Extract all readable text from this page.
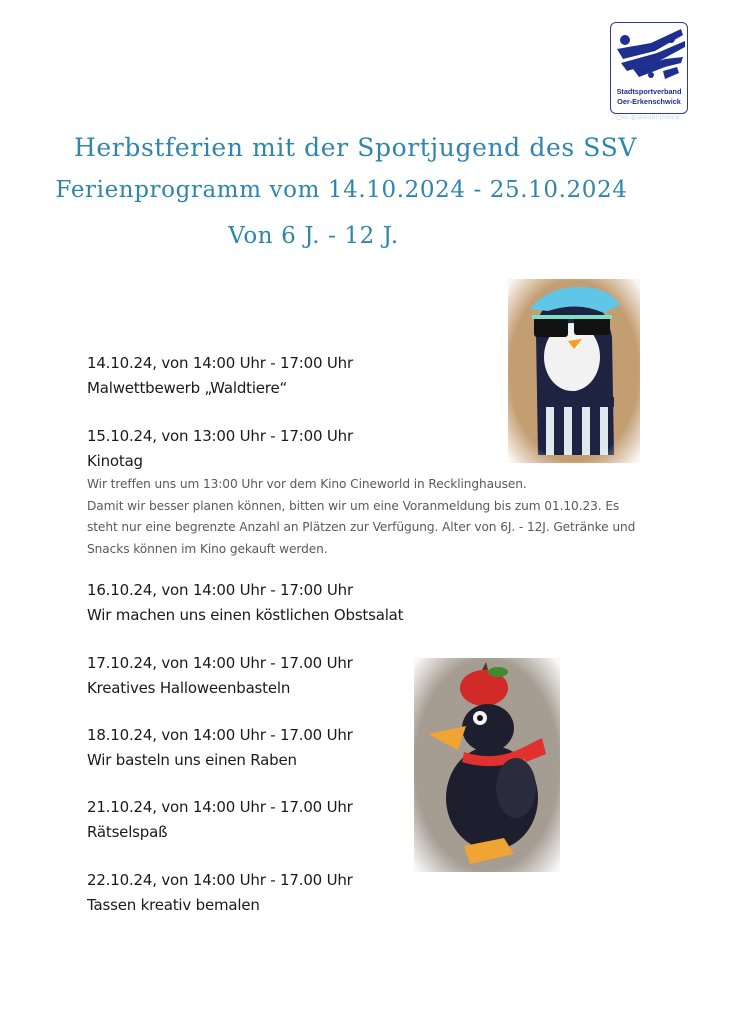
Stadtsportverband
Oer-Erkenschwick
Oer-Erkenschwick
Herbstferien mit der Sportjugend des SSV
Ferienprogramm vom 14.10.2024 - 25.10.2024
Von 6 J. - 12 J.
14.10.24, von 14:00 Uhr - 17:00 Uhr
Malwettbewerb „Waldtiere“
15.10.24, von 13:00 Uhr - 17:00 Uhr
Kinotag
Wir treffen uns um 13:00 Uhr vor dem Kino Cineworld in Recklinghausen.
Damit wir besser planen können, bitten wir um eine Voranmeldung bis zum 01.10.23. Es
steht nur eine begrenzte Anzahl an Plätzen zur Verfügung. Alter von 6J. - 12J. Getränke und
Snacks können im Kino gekauft werden.
16.10.24, von 14:00 Uhr - 17:00 Uhr
Wir machen uns einen köstlichen Obstsalat
17.10.24, von 14:00 Uhr - 17.00 Uhr
Kreatives Halloweenbasteln
18.10.24, von 14:00 Uhr - 17.00 Uhr
Wir basteln uns einen Raben
21.10.24, von 14:00 Uhr - 17.00 Uhr
Rätselspaß
22.10.24, von 14:00 Uhr - 17.00 Uhr
Tassen kreativ bemalen
